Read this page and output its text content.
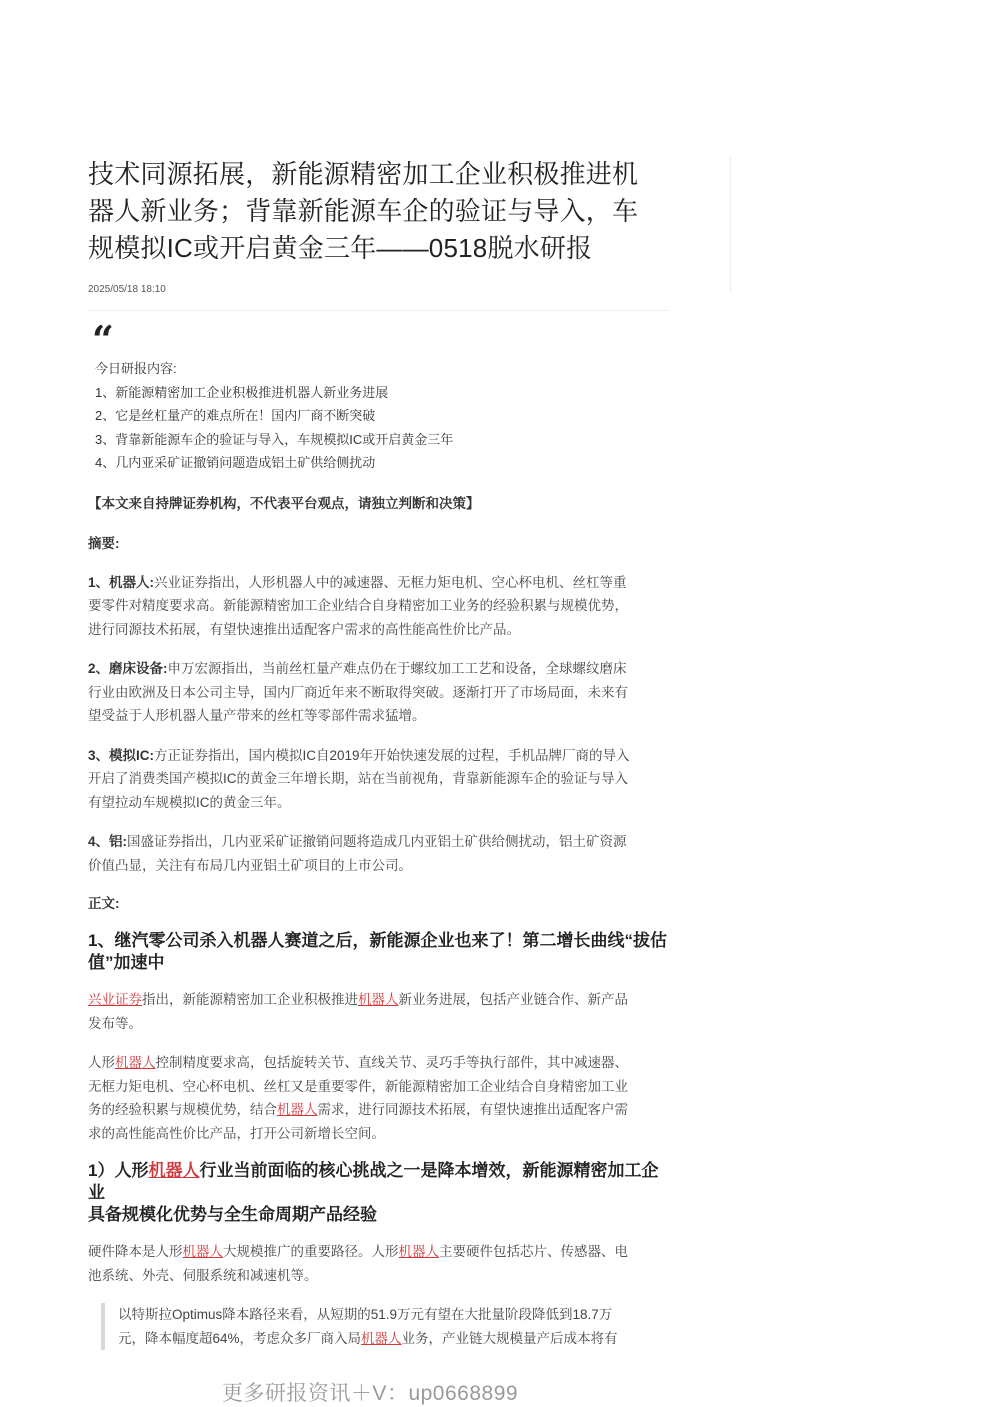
技术同源拓展，新能源精密加工企业积极推进机
器人新业务；背靠新能源车企的验证与导入，车
规模拟IC或开启黄金三年——0518脱水研报
2025/05/18 18:10
“
今日研报内容:
1、新能源精密加工企业积极推进机器人新业务进展
2、它是丝杠量产的难点所在！国内厂商不断突破
3、背靠新能源车企的验证与导入，车规模拟IC或开启黄金三年
4、几内亚采矿证撤销问题造成铝土矿供给侧扰动
【本文来自持牌证券机构，不代表平台观点，请独立判断和决策】
摘要:

1、机器人:兴业证券指出，人形机器人中的减速器、无框力矩电机、空心杯电机、丝杠等重
要零件对精度要求高。新能源精密加工企业结合自身精密加工业务的经验积累与规模优势，
进行同源技术拓展，有望快速推出适配客户需求的高性能高性价比产品。

2、磨床设备:申万宏源指出，当前丝杠量产难点仍在于螺纹加工工艺和设备，全球螺纹磨床
行业由欧洲及日本公司主导，国内厂商近年来不断取得突破。逐渐打开了市场局面，未来有
望受益于人形机器人量产带来的丝杠等零部件需求猛增。

3、模拟IC:方正证券指出，国内模拟IC自2019年开始快速发展的过程，手机品牌厂商的导入
开启了消费类国产模拟IC的黄金三年增长期，站在当前视角，背靠新能源车企的验证与导入
有望拉动车规模拟IC的黄金三年。

4、铝:国盛证券指出，几内亚采矿证撤销问题将造成几内亚铝土矿供给侧扰动，铝土矿资源
价值凸显，关注有布局几内亚铝土矿项目的上市公司。

正文:
1、继汽零公司杀入机器人赛道之后，新能源企业也来了！第二增长曲线“拔估
值”加速中

兴业证券指出，新能源精密加工企业积极推进机器人新业务进展，包括产业链合作、新产品
发布等。

人形机器人控制精度要求高，包括旋转关节、直线关节、灵巧手等执行部件，其中减速器、
无框力矩电机、空心杯电机、丝杠又是重要零件，新能源精密加工企业结合自身精密加工业
务的经验积累与规模优势，结合机器人需求，进行同源技术拓展，有望快速推出适配客户需
求的高性能高性价比产品，打开公司新增长空间。

1）人形机器人行业当前面临的核心挑战之一是降本增效，新能源精密加工企业
具备规模化优势与全生命周期产品经验

硬件降本是人形机器人大规模推广的重要路径。人形机器人主要硬件包括芯片、传感器、电
池系统、外壳、伺服系统和减速机等。

以特斯拉Optimus降本路径来看，从短期的51.9万元有望在大批量阶段降低到18.7万
元，降本幅度超64%，考虑众多厂商入局机器人业务，产业链大规模量产后成本将有
更多研报资讯＋V：up0668899
